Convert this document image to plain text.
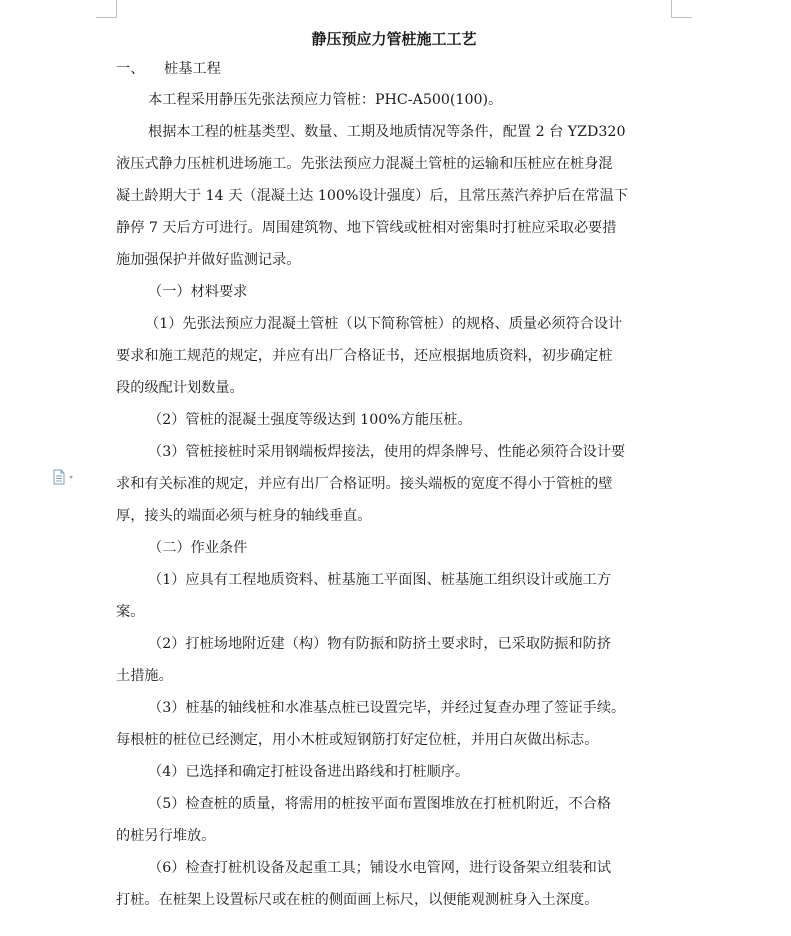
静压预应力管桩施工工艺
一、 桩基工程
本工程采用静压先张法预应力管桩：PHC-A500(100)。
根据本工程的桩基类型、数量、工期及地质情况等条件，配置 2 台 YZD320
液压式静力压桩机进场施工。先张法预应力混凝土管桩的运输和压桩应在桩身混
凝土龄期大于 14 天（混凝土达 100%设计强度）后，且常压蒸汽养护后在常温下
静停 7 天后方可进行。周围建筑物、地下管线或桩相对密集时打桩应采取必要措
施加强保护并做好监测记录。
（一）材料要求
（1）先张法预应力混凝土管桩（以下简称管桩）的规格、质量必须符合设计
要求和施工规范的规定，并应有出厂合格证书，还应根据地质资料，初步确定桩
段的级配计划数量。
（2）管桩的混凝土强度等级达到 100%方能压桩。
（3）管桩接桩时采用钢端板焊接法，使用的焊条牌号、性能必须符合设计要
求和有关标准的规定，并应有出厂合格证明。接头端板的宽度不得小于管桩的壁
厚，接头的端面必须与桩身的轴线垂直。
（二）作业条件
（1）应具有工程地质资料、桩基施工平面图、桩基施工组织设计或施工方
案。
（2）打桩场地附近建（构）物有防振和防挤土要求时，已采取防振和防挤
土措施。
（3）桩基的轴线桩和水准基点桩已设置完毕，并经过复查办理了签证手续。
每根桩的桩位已经测定，用小木桩或短钢筋打好定位桩，并用白灰做出标志。
（4）已选择和确定打桩设备进出路线和打桩顺序。
（5）检查桩的质量，将需用的桩按平面布置图堆放在打桩机附近，不合格
的桩另行堆放。
（6）检查打桩机设备及起重工具；铺设水电管网，进行设备架立组装和试
打桩。在桩架上设置标尺或在桩的侧面画上标尺，以便能观测桩身入土深度。
